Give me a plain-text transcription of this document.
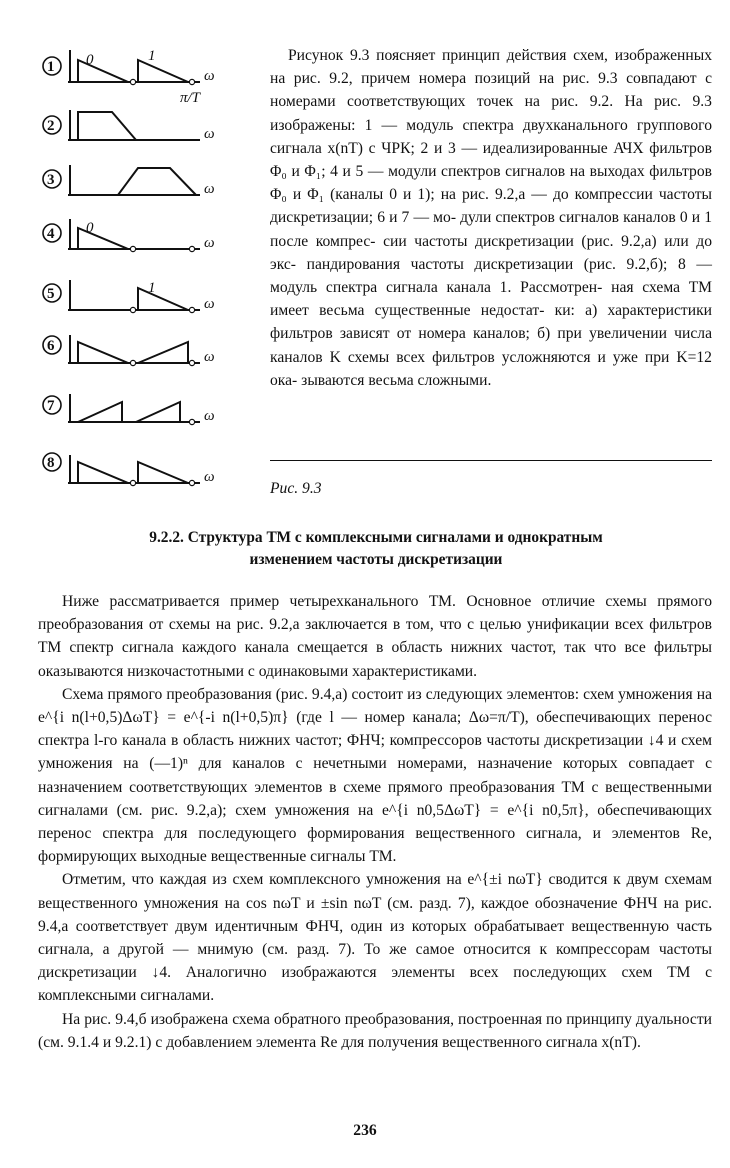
1 0	1
ω
π/T
2	ω
3
ω
4 0
ω
5	1
ω
6
ω
7
ω
8
ω

Рисунок 9.3 поясняет принцип действия схем, изображенных на рис. 9.2, причем номера позиций на рис. 9.3 совпадают с номерами соответствующих точек на рис. 9.2. На рис. 9.3 изображены: 1 — модуль спектра двухканального группового сигнала x(nT) с ЧРК; 2 и 3 — идеализированные АЧХ фильтров Φ₀ и Φ₁; 4 и 5 — модули спектров сигналов на выходах фильтров Φ₀ и Φ₁ (каналы 0 и 1); на рис. 9.2,а — до компрессии частоты дискретизации; 6 и 7 — мо- дули спектров сигналов каналов 0 и 1 после компрес- сии частоты дискретизации (рис. 9.2,а) или до экс- пандирования частоты дискретизации (рис. 9.2,б); 8 — модуль спектра сигнала канала 1. Рассмотрен- ная схема ТМ имеет весьма существенные недостат- ки: а) характеристики фильтров зависят от номера каналов; б) при увеличении числа каналов K схемы всех фильтров усложняются и уже при K=12 ока- зываются весьма сложными.

Рис. 9.3
9.2.2. Структура ТМ с комплексными сигналами и однократным
изменением частоты дискретизации

Ниже рассматривается пример четырехканального ТМ. Основное отличие схемы прямого преобразования от схемы на рис. 9.2,а заключается в том, что с целью унификации всех фильтров ТМ спектр сигнала каждого канала смещается в область нижних частот, так что все фильтры оказываются низкочастотными с одинаковыми характеристиками.

Схема прямого преобразования (рис. 9.4,а) состоит из следующих элементов: схем умножения на e^{i n(l+0,5)ΔωT} = e^{-i n(l+0,5)π} (где l — номер канала; Δω=π/T), обеспечивающих перенос спектра l-го канала в область нижних частот; ФНЧ; компрессоров частоты дискретизации ↓4 и схем умножения на (—1)ⁿ для каналов с нечетными номерами, назначение которых совпадает с назначением соответствующих элементов в схеме прямого преобразования ТМ с вещественными сигналами (см. рис. 9.2,а); схем умножения на e^{i n0,5ΔωT} = e^{i n0,5π}, обеспечивающих перенос спектра для последующего формирования вещественного сигнала, и элементов Re, формирующих выходные вещественные сигналы ТМ.

Отметим, что каждая из схем комплексного умножения на e^{±i nωT} сводится к двум схемам вещественного умножения на cos nωT и ±sin nωT (см. разд. 7), каждое обозначение ФНЧ на рис. 9.4,а соответствует двум идентичным ФНЧ, один из которых обрабатывает вещественную часть сигнала, а другой — мнимую (см. разд. 7). То же самое относится к компрессорам частоты дискретизации ↓4. Аналогично изображаются элементы всех последующих схем ТМ с комплексными сигналами.

На рис. 9.4,б изображена схема обратного преобразования, построенная по принципу дуальности (см. 9.1.4 и 9.2.1) с добавлением элемента Re для получения вещественного сигнала x(nT).

236
